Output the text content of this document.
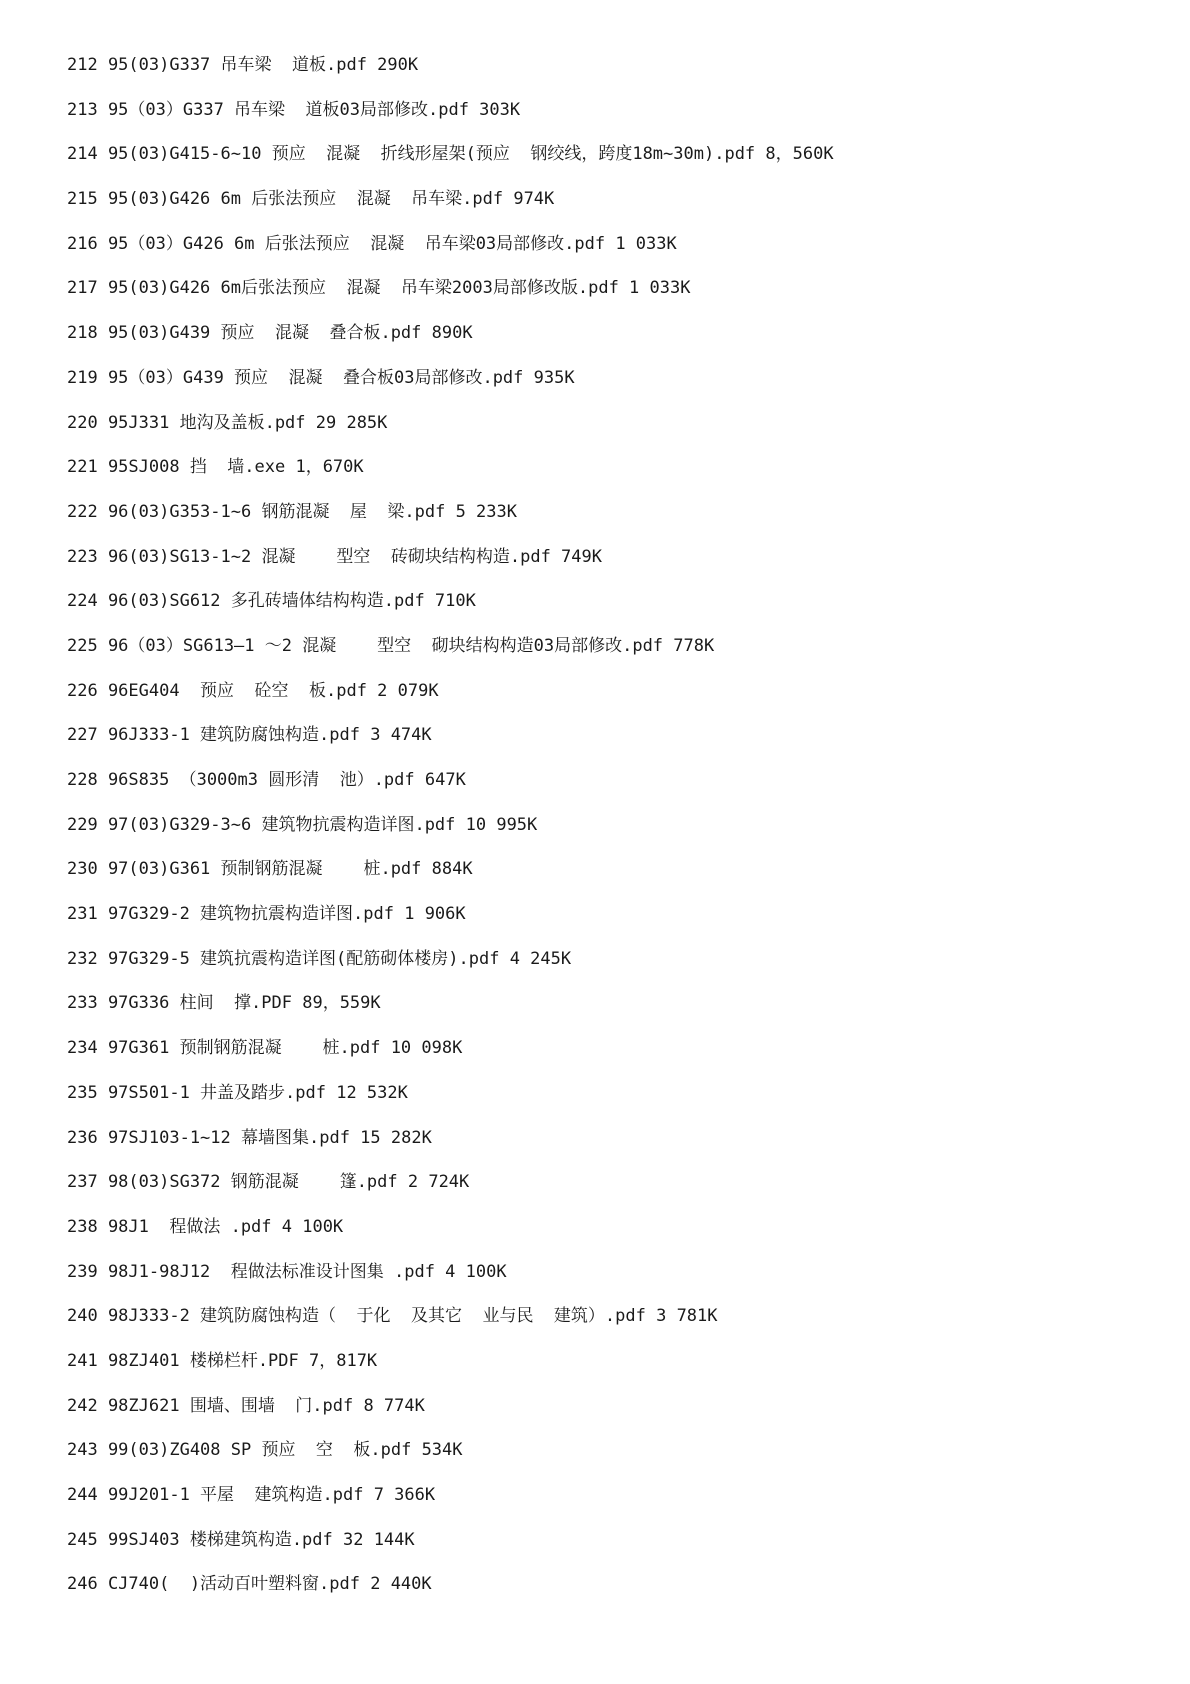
212 95(03)G337 吊车梁  道板.pdf 290K
213 95（03）G337 吊车梁  道板03局部修改.pdf 303K
214 95(03)G415-6~10 预应  混凝  折线形屋架(预应  钢绞线，跨度18m~30m).pdf 8，560K
215 95(03)G426 6m 后张法预应  混凝  吊车梁.pdf 974K
216 95（03）G426 6m 后张法预应  混凝  吊车梁03局部修改.pdf 1 033K
217 95(03)G426 6m后张法预应  混凝  吊车梁2003局部修改版.pdf 1 033K
218 95(03)G439 预应  混凝  叠合板.pdf 890K
219 95（03）G439 预应  混凝  叠合板03局部修改.pdf 935K
220 95J331 地沟及盖板.pdf 29 285K
221 95SJ008 挡  墙.exe 1，670K
222 96(03)G353-1~6 钢筋混凝  屋  梁.pdf 5 233K
223 96(03)SG13-1~2 混凝    型空  砖砌块结构构造.pdf 749K
224 96(03)SG612 多孔砖墙体结构构造.pdf 710K
225 96（03）SG613—1 ～2 混凝    型空  砌块结构构造03局部修改.pdf 778K
226 96EG404  预应  砼空  板.pdf 2 079K
227 96J333-1 建筑防腐蚀构造.pdf 3 474K
228 96S835 （3000m3 圆形清  池）.pdf 647K
229 97(03)G329-3~6 建筑物抗震构造详图.pdf 10 995K
230 97(03)G361 预制钢筋混凝    桩.pdf 884K
231 97G329-2 建筑物抗震构造详图.pdf 1 906K
232 97G329-5 建筑抗震构造详图(配筋砌体楼房).pdf 4 245K
233 97G336 柱间  撑.PDF 89，559K
234 97G361 预制钢筋混凝    桩.pdf 10 098K
235 97S501-1 井盖及踏步.pdf 12 532K
236 97SJ103-1~12 幕墙图集.pdf 15 282K
237 98(03)SG372 钢筋混凝    篷.pdf 2 724K
238 98J1  程做法 .pdf 4 100K
239 98J1-98J12  程做法标准设计图集 .pdf 4 100K
240 98J333-2 建筑防腐蚀构造（  于化  及其它  业与民  建筑）.pdf 3 781K
241 98ZJ401 楼梯栏杆.PDF 7，817K
242 98ZJ621 围墙、围墙  门.pdf 8 774K
243 99(03)ZG408 SP 预应  空  板.pdf 534K
244 99J201-1 平屋  建筑构造.pdf 7 366K
245 99SJ403 楼梯建筑构造.pdf 32 144K
246 CJ740(  )活动百叶塑料窗.pdf 2 440K
